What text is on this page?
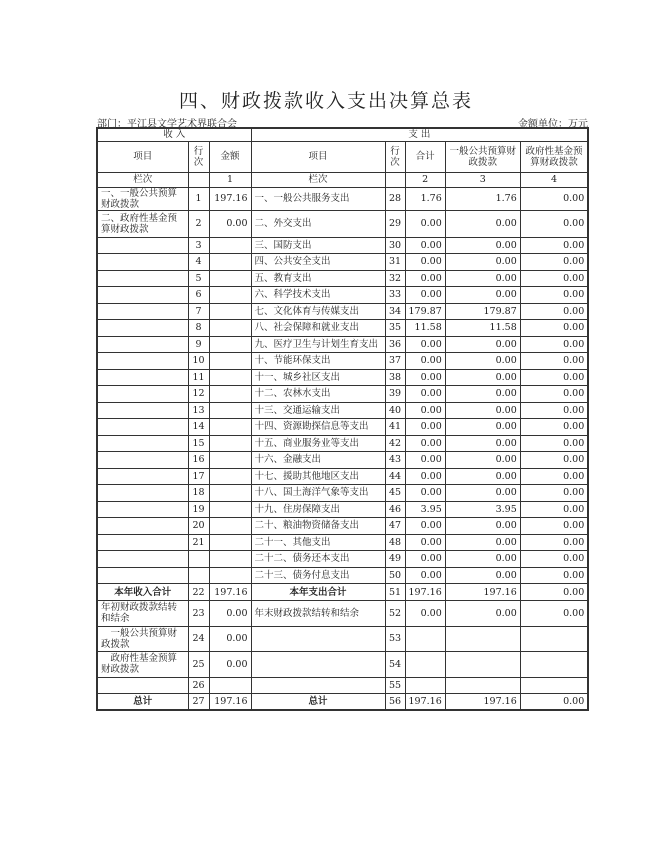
四、财政拨款收入支出决算总表
部门：平江县文学艺术界联合会	金额单位：万元
收 入			支 出				
项目	行次	金额	项目	行次	合计	一般公共预算财政拨款	政府性基金预算财政拨款
栏次		1	栏次		2	3	4
一、一般公共预算财政拨款	1	197.16	一、一般公共服务支出	28	1.76	1.76	0.00
二、政府性基金预算财政拨款	2	0.00	二、外交支出	29	0.00	0.00	0.00
	3		三、国防支出	30	0.00	0.00	0.00
	4		四、公共安全支出	31	0.00	0.00	0.00
	5		五、教育支出	32	0.00	0.00	0.00
	6		六、科学技术支出	33	0.00	0.00	0.00
	7		七、文化体育与传媒支出	34	179.87	179.87	0.00
	8		八、社会保障和就业支出	35	11.58	11.58	0.00
	9		九、医疗卫生与计划生育支出	36	0.00	0.00	0.00
	10		十、节能环保支出	37	0.00	0.00	0.00
	11		十一、城乡社区支出	38	0.00	0.00	0.00
	12		十二、农林水支出	39	0.00	0.00	0.00
	13		十三、交通运输支出	40	0.00	0.00	0.00
	14		十四、资源勘探信息等支出	41	0.00	0.00	0.00
	15		十五、商业服务业等支出	42	0.00	0.00	0.00
	16		十六、金融支出	43	0.00	0.00	0.00
	17		十七、援助其他地区支出	44	0.00	0.00	0.00
	18		十八、国土海洋气象等支出	45	0.00	0.00	0.00
	19		十九、住房保障支出	46	3.95	3.95	0.00
	20		二十、粮油物资储备支出	47	0.00	0.00	0.00
	21		二十一、其他支出	48	0.00	0.00	0.00
			二十二、债务还本支出	49	0.00	0.00	0.00
			二十三、债务付息支出	50	0.00	0.00	0.00
本年收入合计	22	197.16	本年支出合计	51	197.16	197.16	0.00
年初财政拨款结转和结余	23	0.00	年末财政拨款结转和结余	52	0.00	0.00	0.00
一般公共预算财政拨款	24	0.00		53			
政府性基金预算财政拨款	25	0.00		54			
	26			55			
总计	27	197.16	总计	56	197.16	197.16	0.00
